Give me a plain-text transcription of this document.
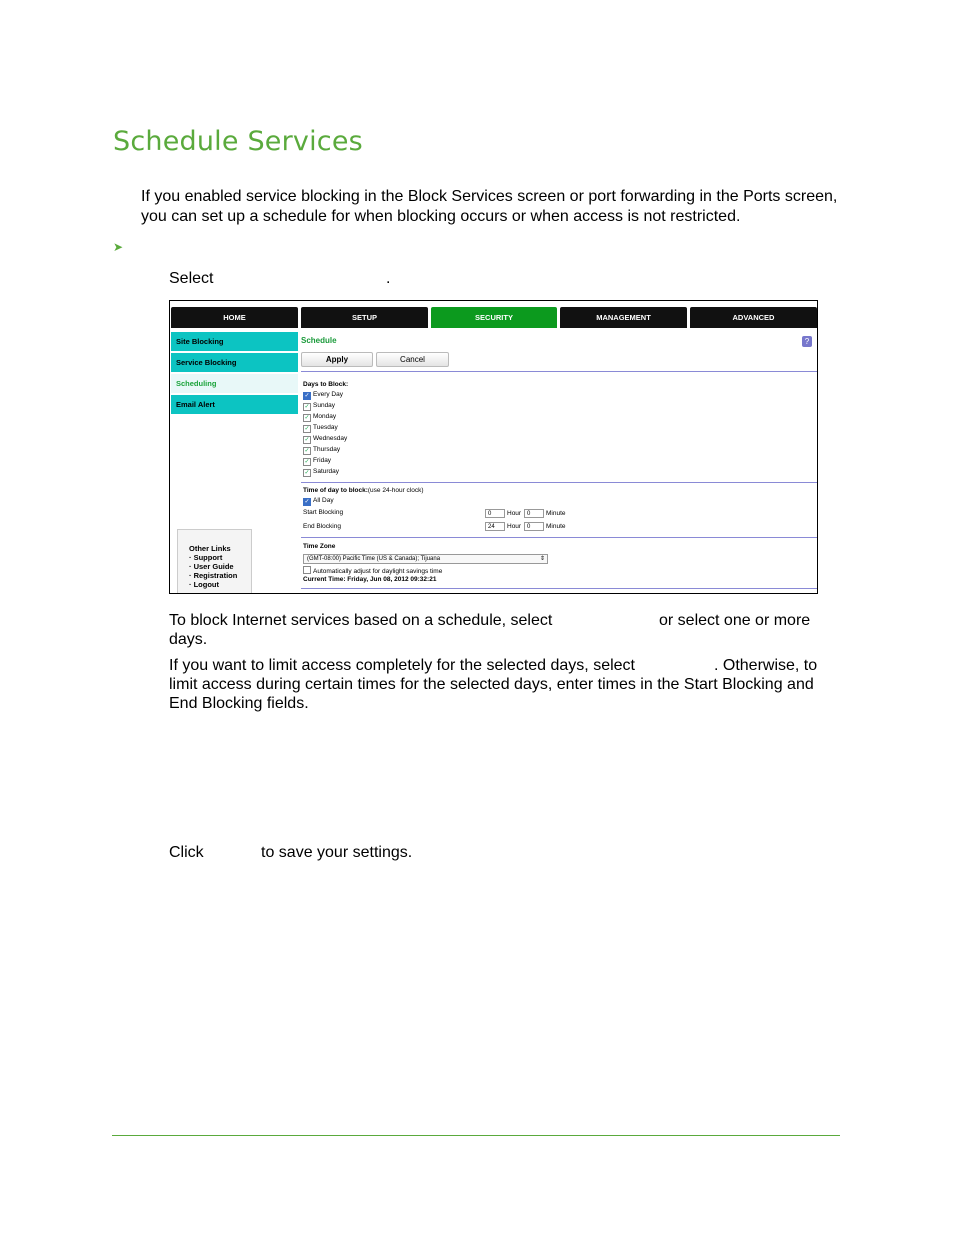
Schedule Services
If you enabled service blocking in the Block Services screen or port forwarding in the Ports screen, you can set up a schedule for when blocking occurs or when access is not restricted.
➤
Select	.
HOME	SETUP	SECURITY	MANAGEMENT	ADVANCED
Site Blocking
Service Blocking
Scheduling
Email Alert
Other Links
· Support
· User Guide
· Registration
· Logout
Schedule	?
Apply	Cancel
Days to Block:
✓ Every Day
✓ Sunday
✓ Monday
✓ Tuesday
✓ Wednesday
✓ Thursday
✓ Friday
✓ Saturday
Time of day to block:(use 24-hour clock)
✓ All Day
Start Blocking	0	Hour 0	Minute
End Blocking	24	Hour 0	Minute
Time Zone
(GMT-08:00) Pacific Time (US & Canada); Tijuana	⇕
Automatically adjust for daylight savings time
Current Time: Friday, Jun 08, 2012 09:32:21
To block Internet services based on a schedule, select	or select one or more
days.
If you want to limit access completely for the selected days, select	. Otherwise, to
limit access during certain times for the selected days, enter times in the Start Blocking and
End Blocking fields.
Click	to save your settings.
